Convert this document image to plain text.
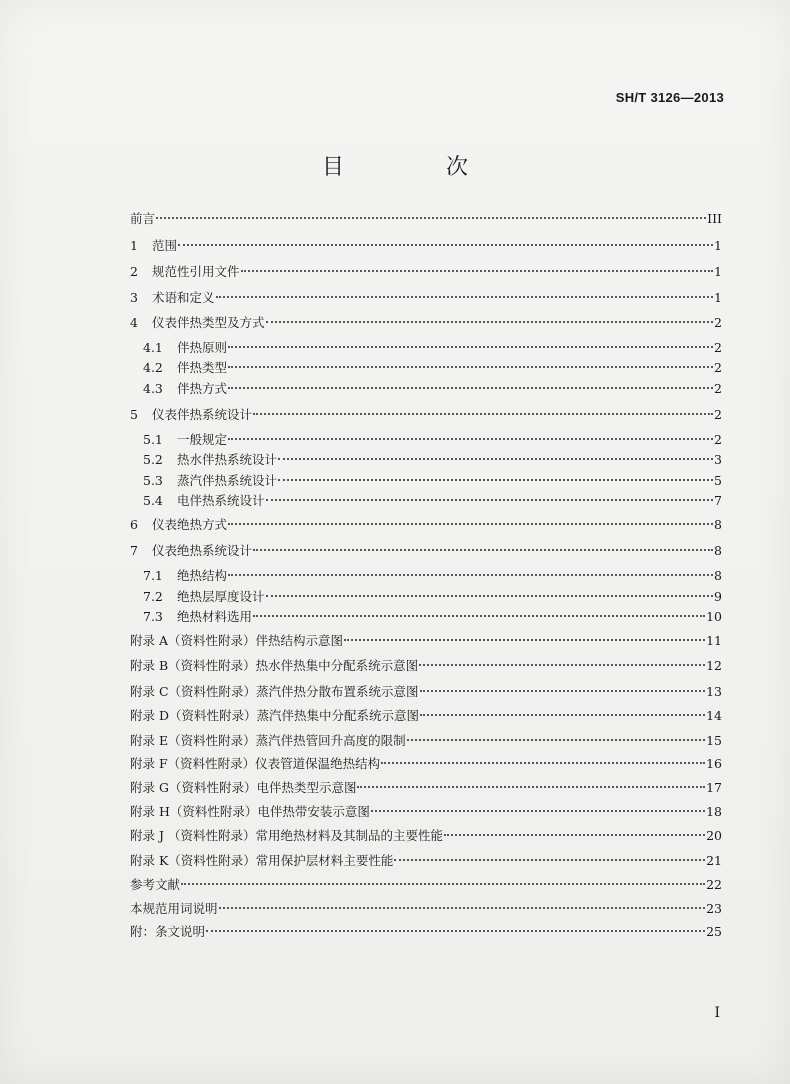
SH/T 3126—2013
目　次
前言	III
1	范围	1
2	规范性引用文件	1
3	术语和定义	1
4	仪表伴热类型及方式	2
4.1	伴热原则	2
4.2	伴热类型	2
4.3	伴热方式	2
5	仪表伴热系统设计	2
5.1	一般规定	2
5.2	热水伴热系统设计	3
5.3	蒸汽伴热系统设计	5
5.4	电伴热系统设计	7
6	仪表绝热方式	8
7	仪表绝热系统设计	8
7.1	绝热结构	8
7.2	绝热层厚度设计	9
7.3	绝热材料选用	10
附录 A（资料性附录）伴热结构示意图	11
附录 B（资料性附录）热水伴热集中分配系统示意图	12
附录 C（资料性附录）蒸汽伴热分散布置系统示意图	13
附录 D（资料性附录）蒸汽伴热集中分配系统示意图	14
附录 E（资料性附录）蒸汽伴热管回升高度的限制	15
附录 F（资料性附录）仪表管道保温绝热结构	16
附录 G（资料性附录）电伴热类型示意图	17
附录 H（资料性附录）电伴热带安装示意图	18
附录 J （资料性附录）常用绝热材料及其制品的主要性能	20
附录 K（资料性附录）常用保护层材料主要性能	21
参考文献	22
本规范用词说明	23
附：条文说明	25
I
